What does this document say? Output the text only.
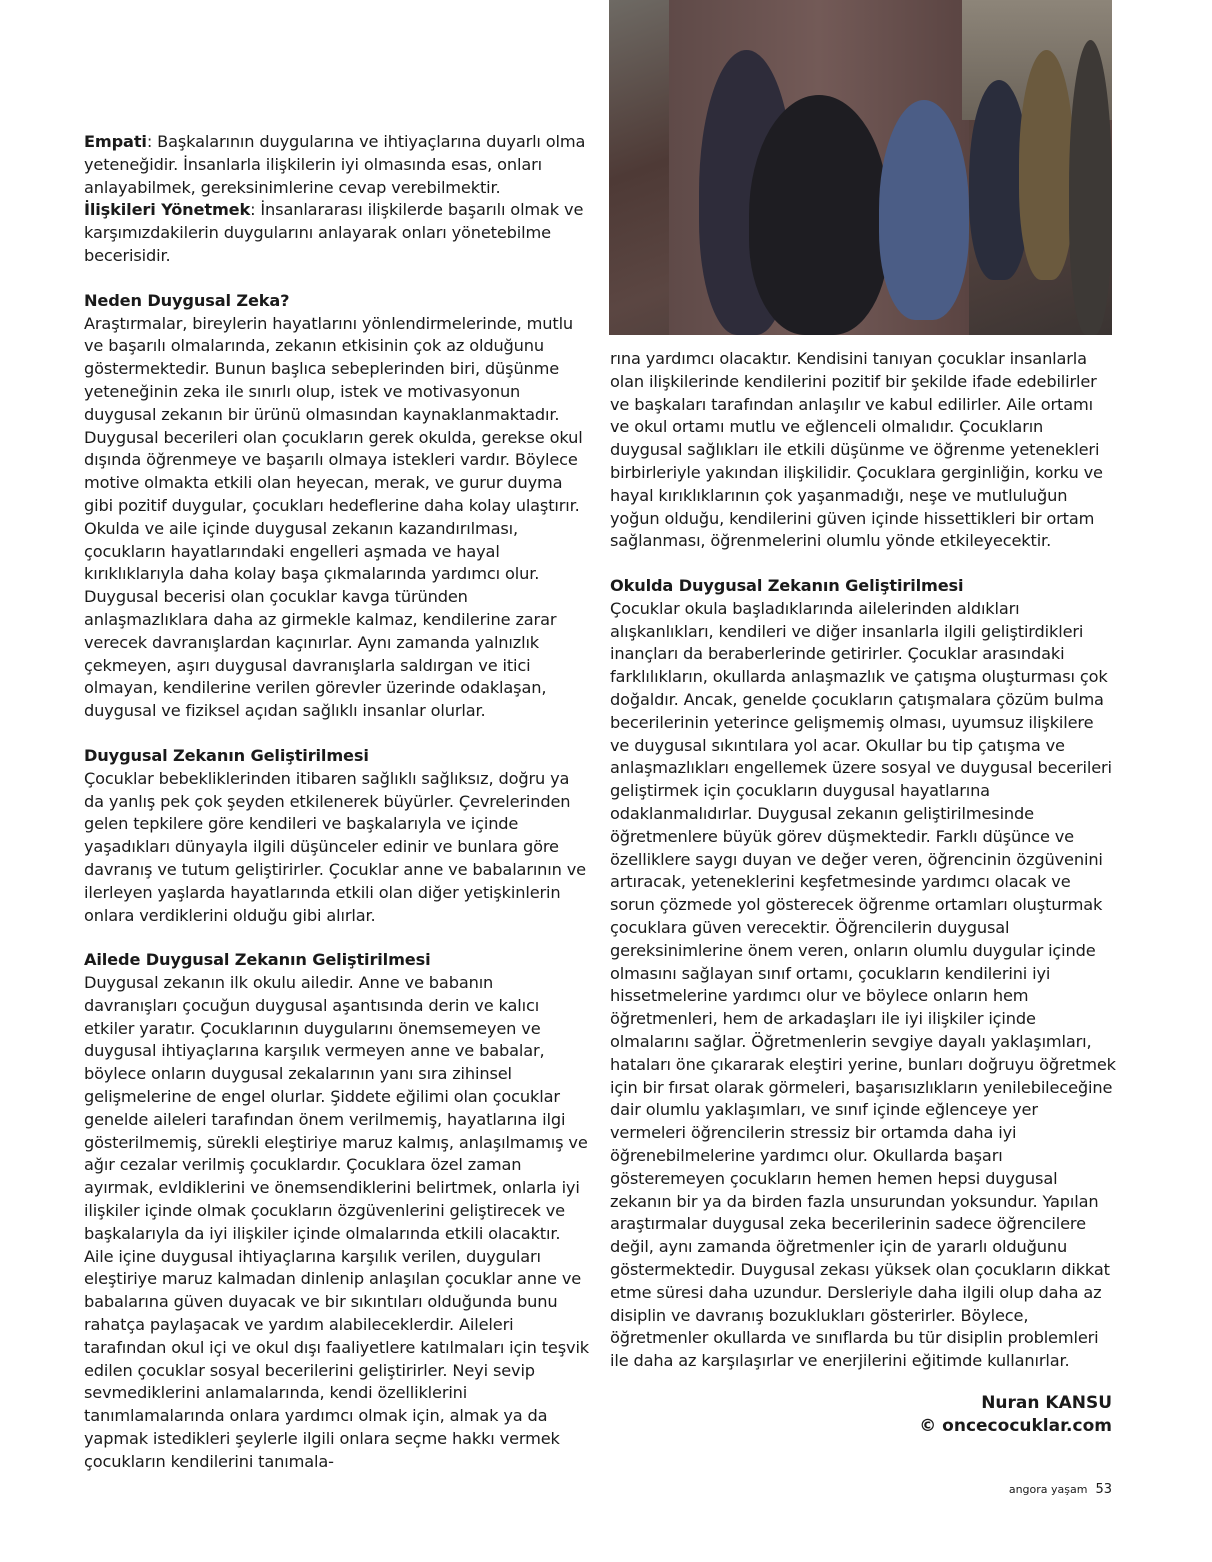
Empati: Başkalarının duygularına ve ihtiyaçlarına duyarlı olma yeteneğidir. İnsanlarla ilişkilerin iyi olmasında esas, onları anlayabilmek, gereksinimlerine cevap verebilmektir.

İlişkileri Yönetmek: İnsanlararası ilişkilerde başarılı olmak ve karşımızdakilerin duygularını anlayarak onları yönetebilme becerisidir.

Neden Duygusal Zeka?

Araştırmalar, bireylerin hayatlarını yönlendirmelerinde, mutlu ve başarılı olmalarında, zekanın etkisinin çok az olduğunu göstermektedir. Bunun başlıca sebeplerinden biri, düşünme yeteneğinin zeka ile sınırlı olup, istek ve motivasyonun duygusal zekanın bir ürünü olmasından kaynaklanmaktadır. Duygusal becerileri olan çocukların gerek okulda, gerekse okul dışında öğrenmeye ve başarılı olmaya istekleri vardır. Böylece motive olmakta etkili olan heyecan, merak, ve gurur duyma gibi pozitif duygular, çocukları hedeflerine daha kolay ulaştırır. Okulda ve aile içinde duygusal zekanın kazandırılması, çocukların hayatlarındaki engelleri aşmada ve hayal kırıklıklarıyla daha kolay başa çıkmalarında yardımcı olur. Duygusal becerisi olan çocuklar kavga türünden anlaşmazlıklara daha az girmekle kalmaz, kendilerine zarar verecek davranışlardan kaçınırlar. Aynı zamanda yalnızlık çekmeyen, aşırı duygusal davranışlarla saldırgan ve itici olmayan, kendilerine verilen görevler üzerinde odaklaşan, duygusal ve fiziksel açıdan sağlıklı insanlar olurlar.

Duygusal Zekanın Geliştirilmesi

Çocuklar bebekliklerinden itibaren sağlıklı sağlıksız, doğru ya da yanlış pek çok şeyden etkilenerek büyürler. Çevrelerinden gelen tepkilere göre kendileri ve başkalarıyla ve içinde yaşadıkları dünyayla ilgili düşünceler edinir ve bunlara göre davranış ve tutum geliştirirler. Çocuklar anne ve babalarının ve ilerleyen yaşlarda hayatlarında etkili olan diğer yetişkinlerin onlara verdiklerini olduğu gibi alırlar.

Ailede Duygusal Zekanın Geliştirilmesi

Duygusal zekanın ilk okulu ailedir. Anne ve babanın davranışları çocuğun duygusal aşantısında derin ve kalıcı etkiler yaratır. Çocuklarının duygularını önemsemeyen ve duygusal ihtiyaçlarına karşılık vermeyen anne ve babalar, böylece onların duygusal zekalarının yanı sıra zihinsel gelişmelerine de engel olurlar. Şiddete eğilimi olan çocuklar genelde aileleri tarafından önem verilmemiş, hayatlarına ilgi gösterilmemiş, sürekli eleştiriye maruz kalmış, anlaşılmamış ve ağır cezalar verilmiş çocuklardır. Çocuklara özel zaman ayırmak, evldiklerini ve önemsendiklerini belirtmek, onlarla iyi ilişkiler içinde olmak çocukların özgüvenlerini geliştirecek ve başkalarıyla da iyi ilişkiler içinde olmalarında etkili olacaktır. Aile içine duygusal ihtiyaçlarına karşılık verilen, duyguları eleştiriye maruz kalmadan dinlenip anlaşılan çocuklar anne ve babalarına güven duyacak ve bir sıkıntıları olduğunda bunu rahatça paylaşacak ve yardım alabileceklerdir. Aileleri tarafından okul içi ve okul dışı faaliyetlere katılmaları için teşvik edilen çocuklar sosyal becerilerini geliştirirler. Neyi sevip sevmediklerini anlamalarında, kendi özelliklerini tanımlamalarında onlara yardımcı olmak için, almak ya da yapmak istedikleri şeylerle ilgili onlara seçme hakkı vermek çocukların kendilerini tanımala-

rına yardımcı olacaktır. Kendisini tanıyan çocuklar insanlarla olan ilişkilerinde kendilerini pozitif bir şekilde ifade edebilirler ve başkaları tarafından anlaşılır ve kabul edilirler. Aile ortamı ve okul ortamı mutlu ve eğlenceli olmalıdır. Çocukların duygusal sağlıkları ile etkili düşünme ve öğrenme yetenekleri birbirleriyle yakından ilişkilidir. Çocuklara gerginliğin, korku ve hayal kırıklıklarının çok yaşanmadığı, neşe ve mutluluğun yoğun olduğu, kendilerini güven içinde hissettikleri bir ortam sağlanması, öğrenmelerini olumlu yönde etkileyecektir.

Okulda Duygusal Zekanın Geliştirilmesi

Çocuklar okula başladıklarında ailelerinden aldıkları alışkanlıkları, kendileri ve diğer insanlarla ilgili geliştirdikleri inançları da beraberlerinde getirirler. Çocuklar arasındaki farklılıkların, okullarda anlaşmazlık ve çatışma oluşturması çok doğaldır. Ancak, genelde çocukların çatışmalara çözüm bulma becerilerinin yeterince gelişmemiş olması, uyumsuz ilişkilere ve duygusal sıkıntılara yol acar. Okullar bu tip çatışma ve anlaşmazlıkları engellemek üzere sosyal ve duygusal becerileri geliştirmek için çocukların duygusal hayatlarına odaklanmalıdırlar. Duygusal zekanın geliştirilmesinde öğretmenlere büyük görev düşmektedir. Farklı düşünce ve özelliklere saygı duyan ve değer veren, öğrencinin özgüvenini artıracak, yeteneklerini keşfetmesinde yardımcı olacak ve sorun çözmede yol gösterecek öğrenme ortamları oluşturmak çocuklara güven verecektir. Öğrencilerin duygusal gereksinimlerine önem veren, onların olumlu duygular içinde olmasını sağlayan sınıf ortamı, çocukların kendilerini iyi hissetmelerine yardımcı olur ve böylece onların hem öğretmenleri, hem de arkadaşları ile iyi ilişkiler içinde olmalarını sağlar. Öğretmenlerin sevgiye dayalı yaklaşımları, hataları öne çıkararak eleştiri yerine, bunları doğruyu öğretmek için bir fırsat olarak görmeleri, başarısızlıkların yenilebileceğine dair olumlu yaklaşımları, ve sınıf içinde eğlenceye yer vermeleri öğrencilerin stressiz bir ortamda daha iyi öğrenebilmelerine yardımcı olur. Okullarda başarı gösteremeyen çocukların hemen hemen hepsi duygusal zekanın bir ya da birden fazla unsurundan yoksundur. Yapılan araştırmalar duygusal zeka becerilerinin sadece öğrencilere değil, aynı zamanda öğretmenler için de yararlı olduğunu göstermektedir. Duygusal zekası yüksek olan çocukların dikkat etme süresi daha uzundur. Dersleriyle daha ilgili olup daha az disiplin ve davranış bozuklukları gösterirler. Böylece, öğretmenler okullarda ve sınıflarda bu tür disiplin problemleri ile daha az karşılaşırlar ve enerjilerini eğitimde kullanırlar.

Nuran KANSU
© oncecocuklar.com
angora yaşam 53
